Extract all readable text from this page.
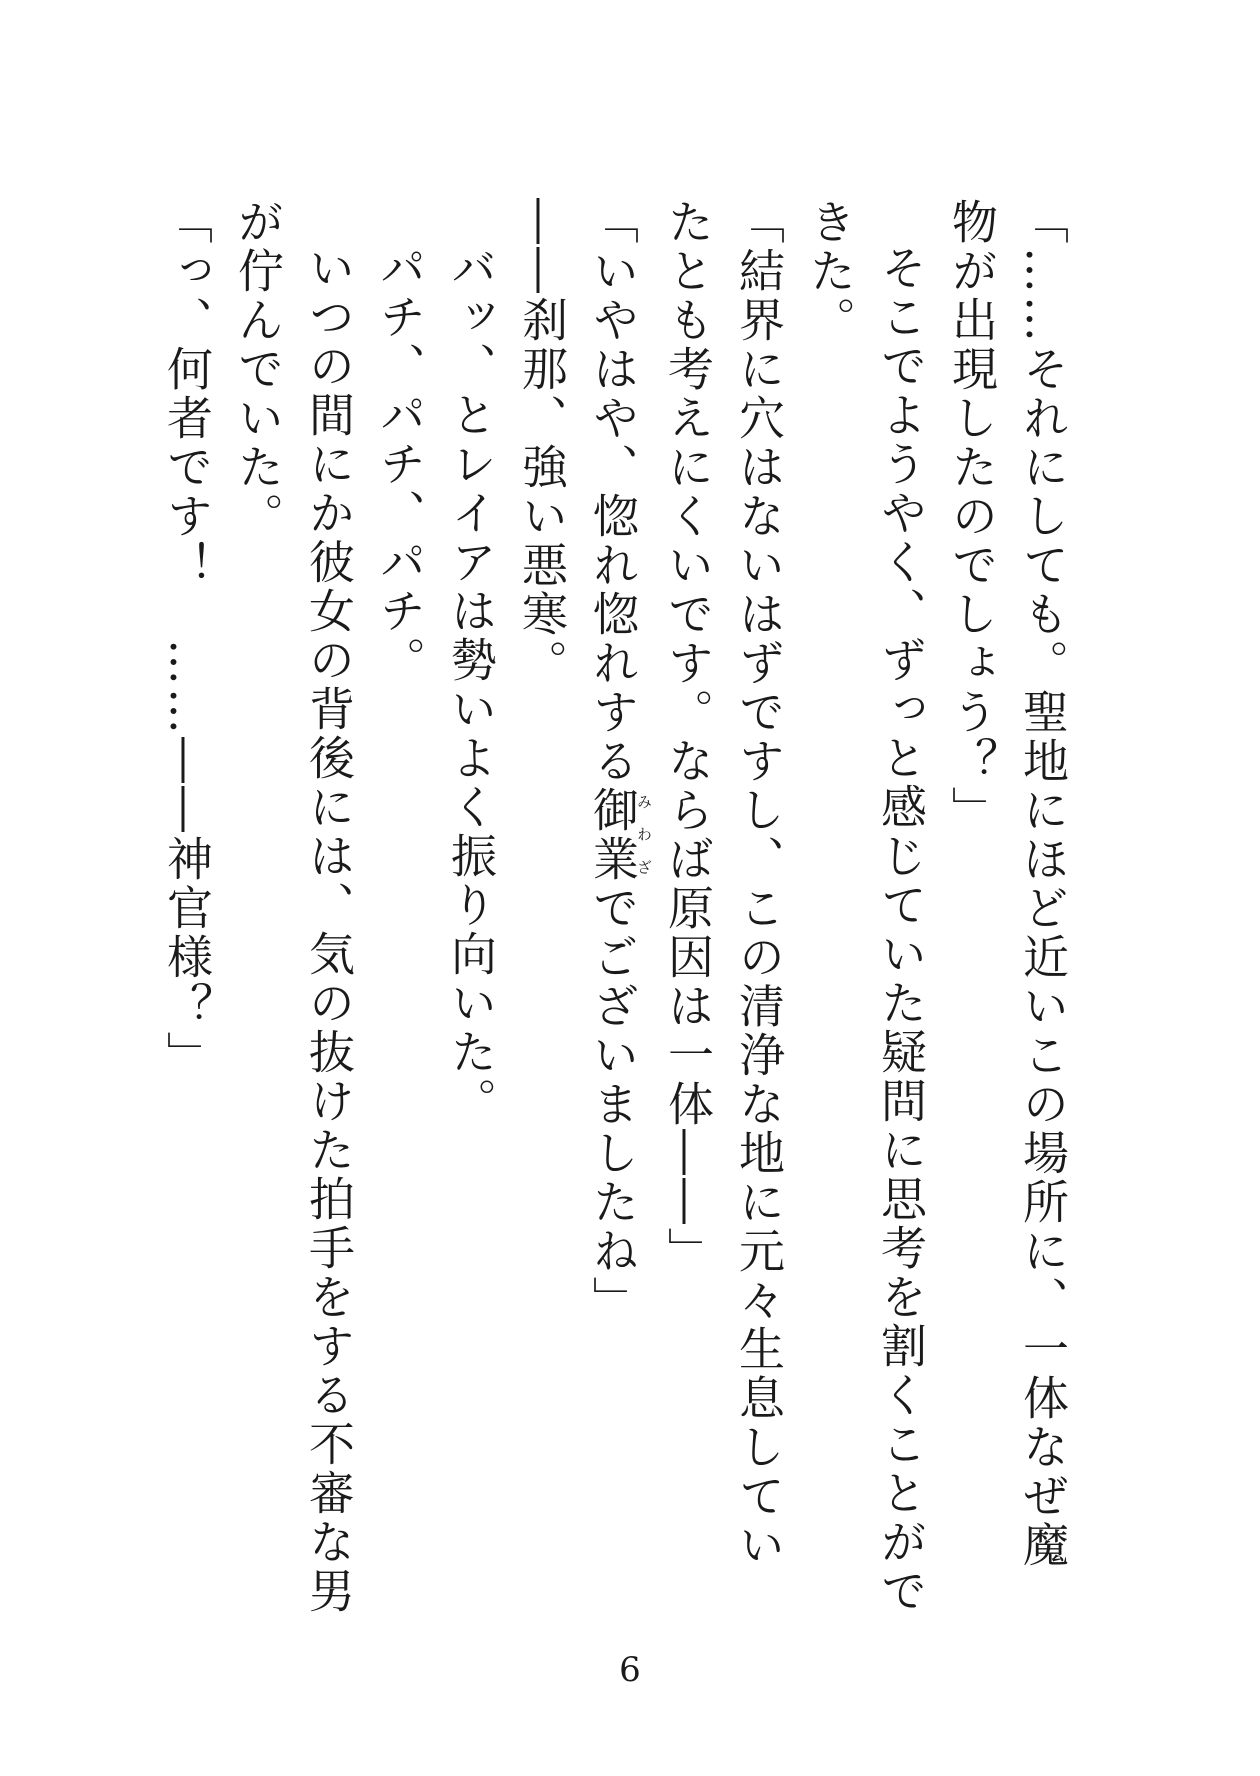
「……それにしても。聖地にほど近いこの場所に、一体なぜ魔物が出現したのでしょう？」

そこでようやく、ずっと感じていた疑問に思考を割くことができた。

「結界に穴はないはずですし、この清浄な地に元々生息していたとも考えにくいです。ならば原因は一体――」

「いやはや、惚れ惚れする御業みわざでございましたね」

――刹那、強い悪寒。

バッ、とレイアは勢いよく振り向いた。

パチ、パチ、パチ。

いつの間にか彼女の背後には、気の抜けた拍手をする不審な男が佇んでいた。

「っ、何者です！　……――神官様？」

6
